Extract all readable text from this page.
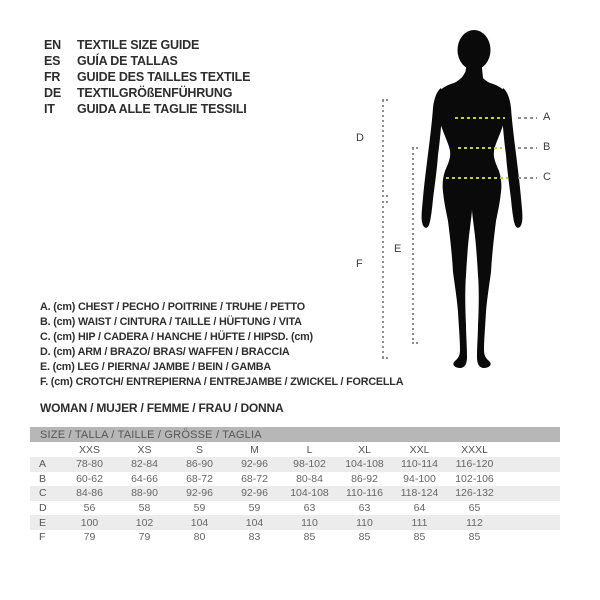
EN	TEXTILE SIZE GUIDE
ES	GUÍA DE TALLAS
FR	GUIDE DES TAILLES TEXTILE
DE	TEXTILGRÖßENFÜHRUNG
IT	GUIDA ALLE TAGLIE TESSILI
A
B
C
D
F
E
A. (cm) CHEST / PECHO / POITRINE / TRUHE / PETTO
B. (cm) WAIST / CINTURA / TAILLE / HÜFTUNG / VITA
C. (cm) HIP / CADERA / HANCHE / HÜFTE / HIPSD. (cm)
D. (cm) ARM / BRAZO/ BRAS/ WAFFEN / BRACCIA
E. (cm) LEG / PIERNA/ JAMBE / BEIN / GAMBA
F. (cm) CROTCH/ ENTREPIERNA / ENTREJAMBE / ZWICKEL / FORCELLA
WOMAN / MUJER / FEMME / FRAU / DONNA
SIZE / TALLA / TAILLE / GRÖSSE / TAGLIA									
	XXS	XS	S	M	L	XL	XXL	XXXL	
A	78-80	82-84	86-90	92-96	98-102	104-108	110-114	116-120	
B	60-62	64-66	68-72	68-72	80-84	86-92	94-100	102-106	
C	84-86	88-90	92-96	92-96	104-108	110-116	118-124	126-132	
D	56	58	59	59	63	63	64	65	
E	100	102	104	104	110	110	111	112	
F	79	79	80	83	85	85	85	85	
